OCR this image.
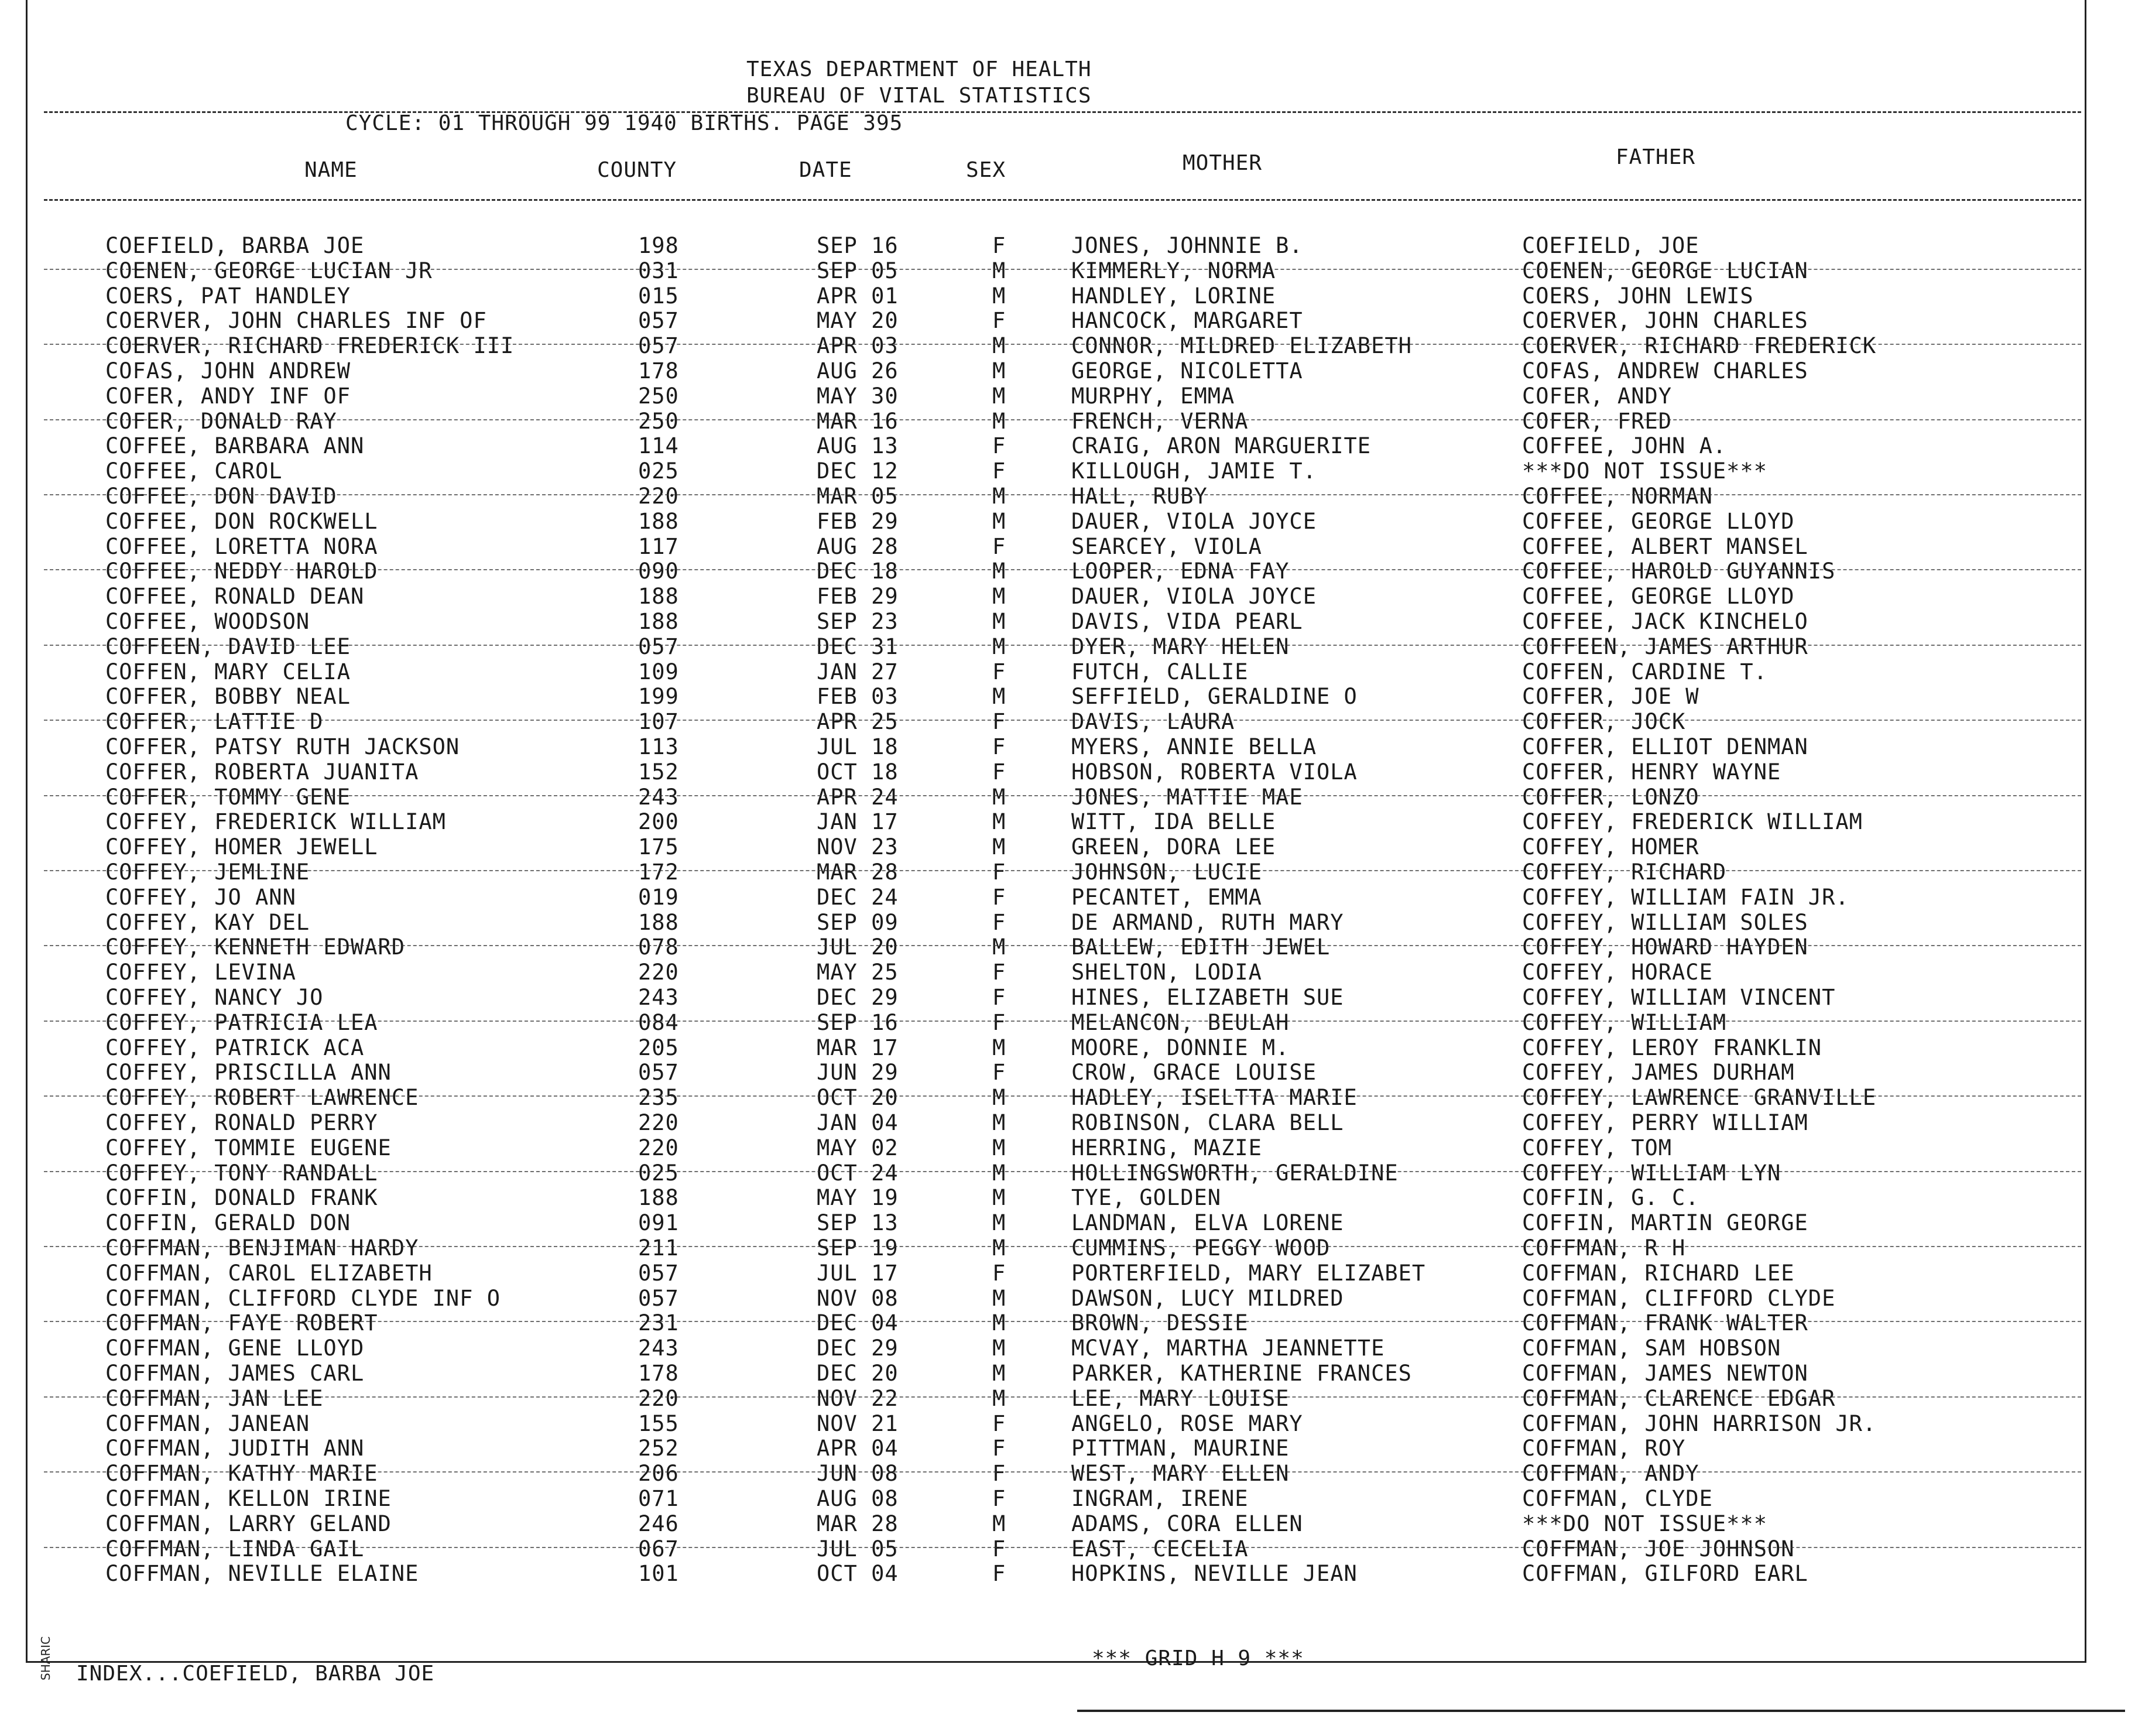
SHARIC
TEXAS DEPARTMENT OF HEALTH
BUREAU OF VITAL STATISTICS
CYCLE: 01 THROUGH 99 1940 BIRTHS. PAGE 395
NAME	COUNTY	DATE	SEX	MOTHER	FATHER
COEFIELD, BARBA JOE	198	SEP 16	F	JONES, JOHNNIE B.	COEFIELD, JOE
COENEN, GEORGE LUCIAN JR	031	SEP 05	M	KIMMERLY, NORMA	COENEN, GEORGE LUCIAN
COERS, PAT HANDLEY	015	APR 01	M	HANDLEY, LORINE	COERS, JOHN LEWIS
COERVER, JOHN CHARLES INF OF	057	MAY 20	F	HANCOCK, MARGARET	COERVER, JOHN CHARLES
COERVER, RICHARD FREDERICK III	057	APR 03	M	CONNOR, MILDRED ELIZABETH	COERVER, RICHARD FREDERICK
COFAS, JOHN ANDREW	178	AUG 26	M	GEORGE, NICOLETTA	COFAS, ANDREW CHARLES
COFER, ANDY INF OF	250	MAY 30	M	MURPHY, EMMA	COFER, ANDY
COFER, DONALD RAY	250	MAR 16	M	FRENCH, VERNA	COFER, FRED
COFFEE, BARBARA ANN	114	AUG 13	F	CRAIG, ARON MARGUERITE	COFFEE, JOHN A.
COFFEE, CAROL	025	DEC 12	F	KILLOUGH, JAMIE T.	***DO NOT ISSUE***
COFFEE, DON DAVID	220	MAR 05	M	HALL, RUBY	COFFEE, NORMAN
COFFEE, DON ROCKWELL	188	FEB 29	M	DAUER, VIOLA JOYCE	COFFEE, GEORGE LLOYD
COFFEE, LORETTA NORA	117	AUG 28	F	SEARCEY, VIOLA	COFFEE, ALBERT MANSEL
COFFEE, NEDDY HAROLD	090	DEC 18	M	LOOPER, EDNA FAY	COFFEE, HAROLD GUYANNIS
COFFEE, RONALD DEAN	188	FEB 29	M	DAUER, VIOLA JOYCE	COFFEE, GEORGE LLOYD
COFFEE, WOODSON	188	SEP 23	M	DAVIS, VIDA PEARL	COFFEE, JACK KINCHELO
COFFEEN, DAVID LEE	057	DEC 31	M	DYER, MARY HELEN	COFFEEN, JAMES ARTHUR
COFFEN, MARY CELIA	109	JAN 27	F	FUTCH, CALLIE	COFFEN, CARDINE T.
COFFER, BOBBY NEAL	199	FEB 03	M	SEFFIELD, GERALDINE O	COFFER, JOE W
COFFER, LATTIE D	107	APR 25	F	DAVIS, LAURA	COFFER, JOCK
COFFER, PATSY RUTH JACKSON	113	JUL 18	F	MYERS, ANNIE BELLA	COFFER, ELLIOT DENMAN
COFFER, ROBERTA JUANITA	152	OCT 18	F	HOBSON, ROBERTA VIOLA	COFFER, HENRY WAYNE
COFFER, TOMMY GENE	243	APR 24	M	JONES, MATTIE MAE	COFFER, LONZO
COFFEY, FREDERICK WILLIAM	200	JAN 17	M	WITT, IDA BELLE	COFFEY, FREDERICK WILLIAM
COFFEY, HOMER JEWELL	175	NOV 23	M	GREEN, DORA LEE	COFFEY, HOMER
COFFEY, JEMLINE	172	MAR 28	F	JOHNSON, LUCIE	COFFEY, RICHARD
COFFEY, JO ANN	019	DEC 24	F	PECANTET, EMMA	COFFEY, WILLIAM FAIN JR.
COFFEY, KAY DEL	188	SEP 09	F	DE ARMAND, RUTH MARY	COFFEY, WILLIAM SOLES
COFFEY, KENNETH EDWARD	078	JUL 20	M	BALLEW, EDITH JEWEL	COFFEY, HOWARD HAYDEN
COFFEY, LEVINA	220	MAY 25	F	SHELTON, LODIA	COFFEY, HORACE
COFFEY, NANCY JO	243	DEC 29	F	HINES, ELIZABETH SUE	COFFEY, WILLIAM VINCENT
COFFEY, PATRICIA LEA	084	SEP 16	F	MELANCON, BEULAH	COFFEY, WILLIAM
COFFEY, PATRICK ACA	205	MAR 17	M	MOORE, DONNIE M.	COFFEY, LEROY FRANKLIN
COFFEY, PRISCILLA ANN	057	JUN 29	F	CROW, GRACE LOUISE	COFFEY, JAMES DURHAM
COFFEY, ROBERT LAWRENCE	235	OCT 20	M	HADLEY, ISELTTA MARIE	COFFEY, LAWRENCE GRANVILLE
COFFEY, RONALD PERRY	220	JAN 04	M	ROBINSON, CLARA BELL	COFFEY, PERRY WILLIAM
COFFEY, TOMMIE EUGENE	220	MAY 02	M	HERRING, MAZIE	COFFEY, TOM
COFFEY, TONY RANDALL	025	OCT 24	M	HOLLINGSWORTH, GERALDINE	COFFEY, WILLIAM LYN
COFFIN, DONALD FRANK	188	MAY 19	M	TYE, GOLDEN	COFFIN, G. C.
COFFIN, GERALD DON	091	SEP 13	M	LANDMAN, ELVA LORENE	COFFIN, MARTIN GEORGE
COFFMAN, BENJIMAN HARDY	211	SEP 19	M	CUMMINS, PEGGY WOOD	COFFMAN, R H
COFFMAN, CAROL ELIZABETH	057	JUL 17	F	PORTERFIELD, MARY ELIZABET	COFFMAN, RICHARD LEE
COFFMAN, CLIFFORD CLYDE INF O	057	NOV 08	M	DAWSON, LUCY MILDRED	COFFMAN, CLIFFORD CLYDE
COFFMAN, FAYE ROBERT	231	DEC 04	M	BROWN, DESSIE	COFFMAN, FRANK WALTER
COFFMAN, GENE LLOYD	243	DEC 29	M	MCVAY, MARTHA JEANNETTE	COFFMAN, SAM HOBSON
COFFMAN, JAMES CARL	178	DEC 20	M	PARKER, KATHERINE FRANCES	COFFMAN, JAMES NEWTON
COFFMAN, JAN LEE	220	NOV 22	M	LEE, MARY LOUISE	COFFMAN, CLARENCE EDGAR
COFFMAN, JANEAN	155	NOV 21	F	ANGELO, ROSE MARY	COFFMAN, JOHN HARRISON JR.
COFFMAN, JUDITH ANN	252	APR 04	F	PITTMAN, MAURINE	COFFMAN, ROY
COFFMAN, KATHY MARIE	206	JUN 08	F	WEST, MARY ELLEN	COFFMAN, ANDY
COFFMAN, KELLON IRINE	071	AUG 08	F	INGRAM, IRENE	COFFMAN, CLYDE
COFFMAN, LARRY GELAND	246	MAR 28	M	ADAMS, CORA ELLEN	***DO NOT ISSUE***
COFFMAN, LINDA GAIL	067	JUL 05	F	EAST, CECELIA	COFFMAN, JOE JOHNSON
COFFMAN, NEVILLE ELAINE	101	OCT 04	F	HOPKINS, NEVILLE JEAN	COFFMAN, GILFORD EARL
INDEX...COEFIELD, BARBA JOE
*** GRID H 9 ***
